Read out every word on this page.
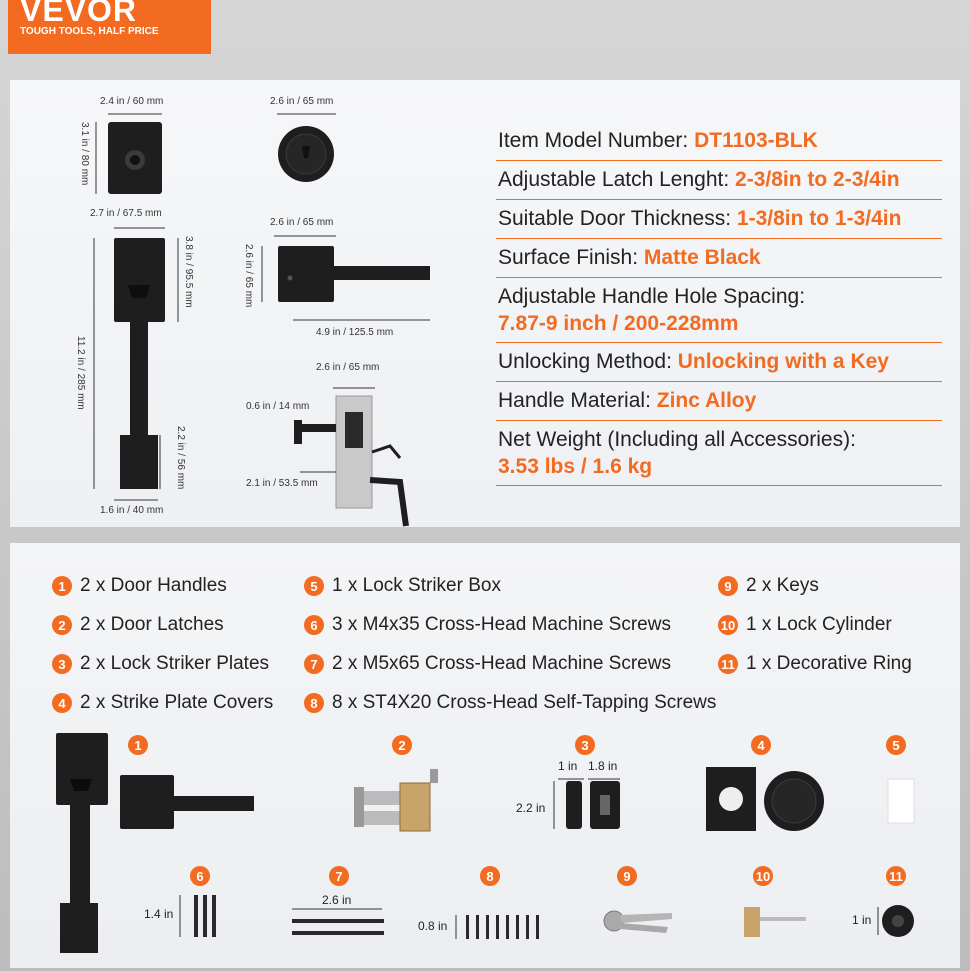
VEVOR
TOUGH TOOLS, HALF PRICE
2.4 in / 60 mm
3.1 in / 80 mm
2.6 in / 65 mm
2.7 in / 67.5 mm
3.8 in / 95.5 mm
11.2 in / 285 mm
2.2 in / 56 mm
1.6 in / 40 mm
2.6 in / 65 mm
2.6 in / 65 mm
4.9 in / 125.5 mm
2.6 in / 65 mm
0.6 in / 14 mm
2.1 in / 53.5 mm
Item Model Number: DT1103-BLK
Adjustable Latch Lenght: 2-3/8in to 2-3/4in
Suitable Door Thickness: 1-3/8in to 1-3/4in
Surface Finish: Matte Black
Adjustable Handle Hole Spacing:
7.87-9 inch / 200-228mm
Unlocking Method: Unlocking with a Key
Handle Material: Zinc Alloy
Net Weight (Including all Accessories):
3.53 lbs / 1.6 kg
1 2 x Door Handles
2 2 x Door Latches
3 2 x Lock Striker Plates
4 2 x Strike Plate Covers
5 1 x Lock Striker Box
6 3 x M4x35 Cross-Head Machine Screws
7 2 x M5x65 Cross-Head Machine Screws
8 8 x ST4X20 Cross-Head Self-Tapping Screws
9 2 x Keys
10 1 x Lock Cylinder
11 1 x Decorative Ring
1	2	3	4	5
6	7	8	9	10	11
1 in 1.8 in
2.2 in
1.4 in
2.6 in
0.8 in	1 in
